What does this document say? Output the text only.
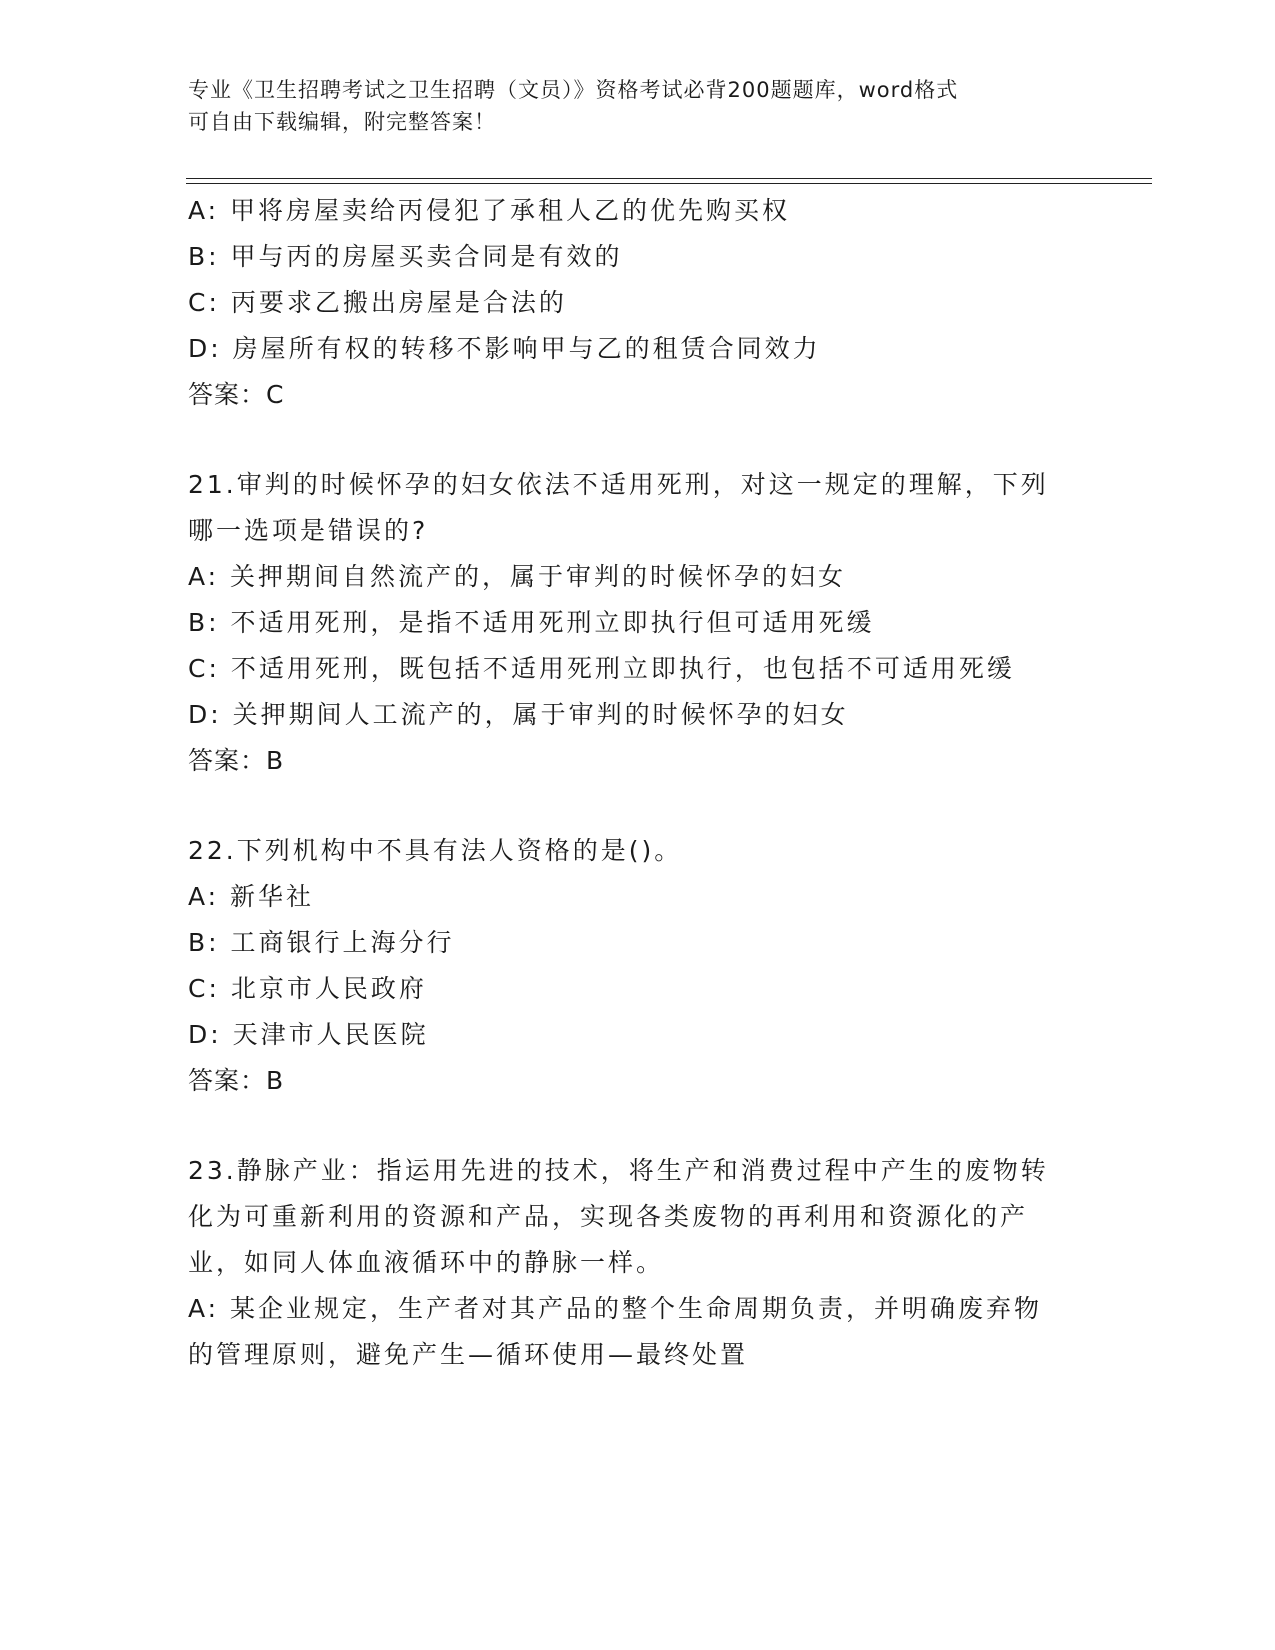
专业《卫生招聘考试之卫生招聘（文员）》资格考试必背200题题库，word格式
可自由下载编辑，附完整答案！
A: 甲将房屋卖给丙侵犯了承租人乙的优先购买权
B: 甲与丙的房屋买卖合同是有效的
C: 丙要求乙搬出房屋是合法的
D: 房屋所有权的转移不影响甲与乙的租赁合同效力
答案：C
21.审判的时候怀孕的妇女依法不适用死刑，对这一规定的理解，下列
哪一选项是错误的?
A: 关押期间自然流产的，属于审判的时候怀孕的妇女
B: 不适用死刑，是指不适用死刑立即执行但可适用死缓
C: 不适用死刑，既包括不适用死刑立即执行，也包括不可适用死缓
D: 关押期间人工流产的，属于审判的时候怀孕的妇女
答案：B
22.下列机构中不具有法人资格的是()。
A: 新华社
B: 工商银行上海分行
C: 北京市人民政府
D: 天津市人民医院
答案：B
23.静脉产业：指运用先进的技术，将生产和消费过程中产生的废物转
化为可重新利用的资源和产品，实现各类废物的再利用和资源化的产
业，如同人体血液循环中的静脉一样。
A: 某企业规定，生产者对其产品的整个生命周期负责，并明确废弃物
的管理原则，避免产生—循环使用—最终处置
